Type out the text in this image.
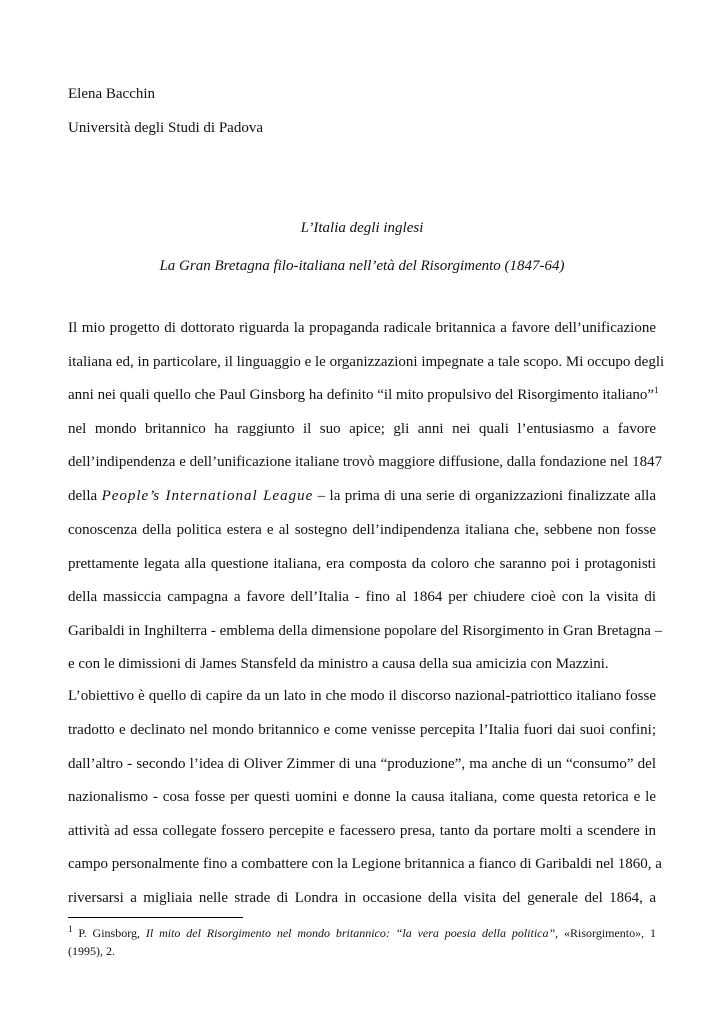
Elena Bacchin
Università degli Studi di Padova
L’Italia degli inglesi
La Gran Bretagna filo-italiana nell’età del Risorgimento (1847-64)
Il mio progetto di dottorato riguarda la propaganda radicale britannica a favore dell’unificazione
italiana ed, in particolare, il linguaggio e le organizzazioni impegnate a tale scopo. Mi occupo degli
anni nei quali quello che Paul Ginsborg ha definito “il mito propulsivo del Risorgimento italiano”$^1$
nel mondo britannico ha raggiunto il suo apice; gli anni nei quali l’entusiasmo a favore
dell’indipendenza e dell’unificazione italiane trovò maggiore diffusione, dalla fondazione nel 1847
della People’s International League – la prima di una serie di organizzazioni finalizzate alla
conoscenza della politica estera e al sostegno dell’indipendenza italiana che, sebbene non fosse
prettamente legata alla questione italiana, era composta da coloro che saranno poi i protagonisti
della massiccia campagna a favore dell’Italia - fino al 1864 per chiudere cioè con la visita di
Garibaldi in Inghilterra - emblema della dimensione popolare del Risorgimento in Gran Bretagna –
e con le dimissioni di James Stansfeld da ministro a causa della sua amicizia con Mazzini.
L’obiettivo è quello di capire da un lato in che modo il discorso nazional-patriottico italiano fosse
tradotto e declinato nel mondo britannico e come venisse percepita l’Italia fuori dai suoi confini;
dall’altro - secondo l’idea di Oliver Zimmer di una “produzione”, ma anche di un “consumo” del
nazionalismo - cosa fosse per questi uomini e donne la causa italiana, come questa retorica e le
attività ad essa collegate fossero percepite e facessero presa, tanto da portare molti a scendere in
campo personalmente fino a combattere con la Legione britannica a fianco di Garibaldi nel 1860, a
riversarsi a migliaia nelle strade di Londra in occasione della visita del generale del 1864, a
$^1$ P. Ginsborg, Il mito del Risorgimento nel mondo britannico: “la vera poesia della politica”, «Risorgimento», 1
(1995), 2.
